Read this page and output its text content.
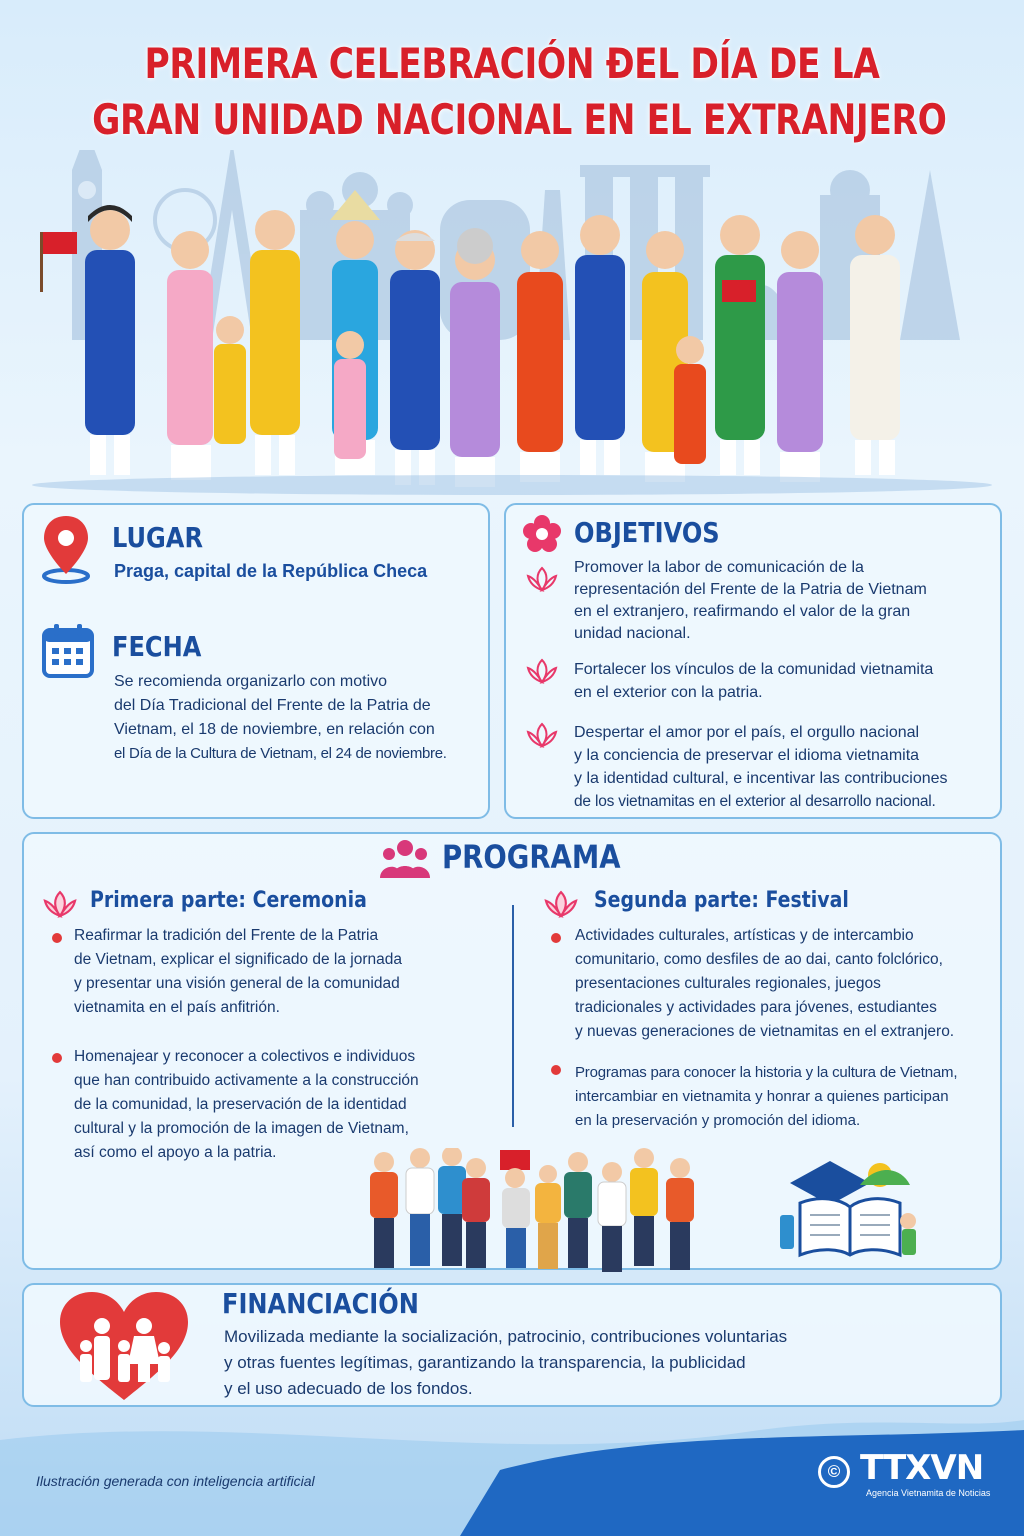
PRIMERA CELEBRACIÓN ĐEL DÍA DE LA
GRAN UNIDAD NACIONAL EN EL EXTRANJERO

LUGAR

Praga, capital de la República Checa

FECHA

Se recomienda organizarlo con motivo

del Día Tradicional del Frente de la Patria de

Vietnam, el 18 de noviembre, en relación con

el Día de la Cultura de Vietnam, el 24 de noviembre.

OBJETIVOS

Promover la labor de comunicación de la

representación del Frente de la Patria de Vietnam

en el extranjero, reafirmando el valor de la gran

unidad nacional.

Fortalecer los vínculos de la comunidad vietnamita

en el exterior con la patria.

Despertar el amor por el país, el orgullo nacional

y la conciencia de preservar el idioma vietnamita

y la identidad cultural, e incentivar las contribuciones

de los vietnamitas en el exterior al desarrollo nacional.

PROGRAMA

Primera parte: Ceremonia

Reafirmar la tradición del Frente de la Patria

de Vietnam, explicar el significado de la jornada

y presentar una visión general de la comunidad

vietnamita en el país anfitrión.

Homenajear y reconocer a colectivos e individuos

que han contribuido activamente a la construcción

de la comunidad, la preservación de la identidad

cultural y la promoción de la imagen de Vietnam,

así como el apoyo a la patria.

Segunda parte: Festival

Actividades culturales, artísticas y de intercambio

comunitario, como desfiles de ao dai, canto folclórico,

presentaciones culturales regionales, juegos

tradicionales y actividades para jóvenes, estudiantes

y nuevas generaciones de vietnamitas en el extranjero.

Programas para conocer la historia y la cultura de Vietnam,

intercambiar en vietnamita y honrar a quienes participan

en la preservación y promoción del idioma.

FINANCIACIÓN

Movilizada mediante la socialización, patrocinio, contribuciones voluntarias

y otras fuentes legítimas, garantizando la transparencia, la publicidad

y el uso adecuado de los fondos.

Ilustración generada con inteligencia artificial	© TTXVN
Agencia Vietnamita de Noticias
